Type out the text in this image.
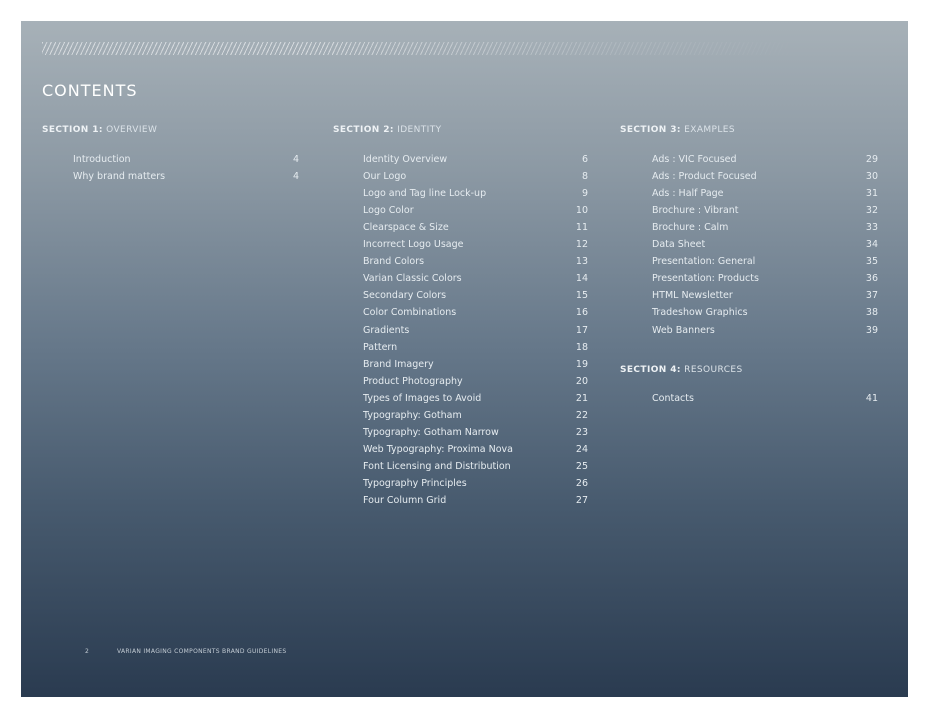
CONTENTS
SECTION 1: OVERVIEW
Introduction	4
Why brand matters	4
SECTION 2: IDENTITY
Identity Overview	6
Our Logo	8
Logo and Tag line Lock-up	9
Logo Color	10
Clearspace & Size	11
Incorrect Logo Usage	12
Brand Colors	13
Varian Classic Colors	14
Secondary Colors	15
Color Combinations	16
Gradients	17
Pattern	18
Brand Imagery	19
Product Photography	20
Types of Images to Avoid	21
Typography: Gotham	22
Typography: Gotham Narrow	23
Web Typography: Proxima Nova	24
Font Licensing and Distribution	25
Typography Principles	26
Four Column Grid	27
SECTION 3: EXAMPLES
Ads : VIC Focused	29
Ads : Product Focused	30
Ads : Half Page	31
Brochure : Vibrant	32
Brochure : Calm	33
Data Sheet	34
Presentation: General	35
Presentation: Products	36
HTML Newsletter	37
Tradeshow Graphics	38
Web Banners	39
SECTION 4: RESOURCES
Contacts	41
2	VARIAN IMAGING COMPONENTS BRAND GUIDELINES
